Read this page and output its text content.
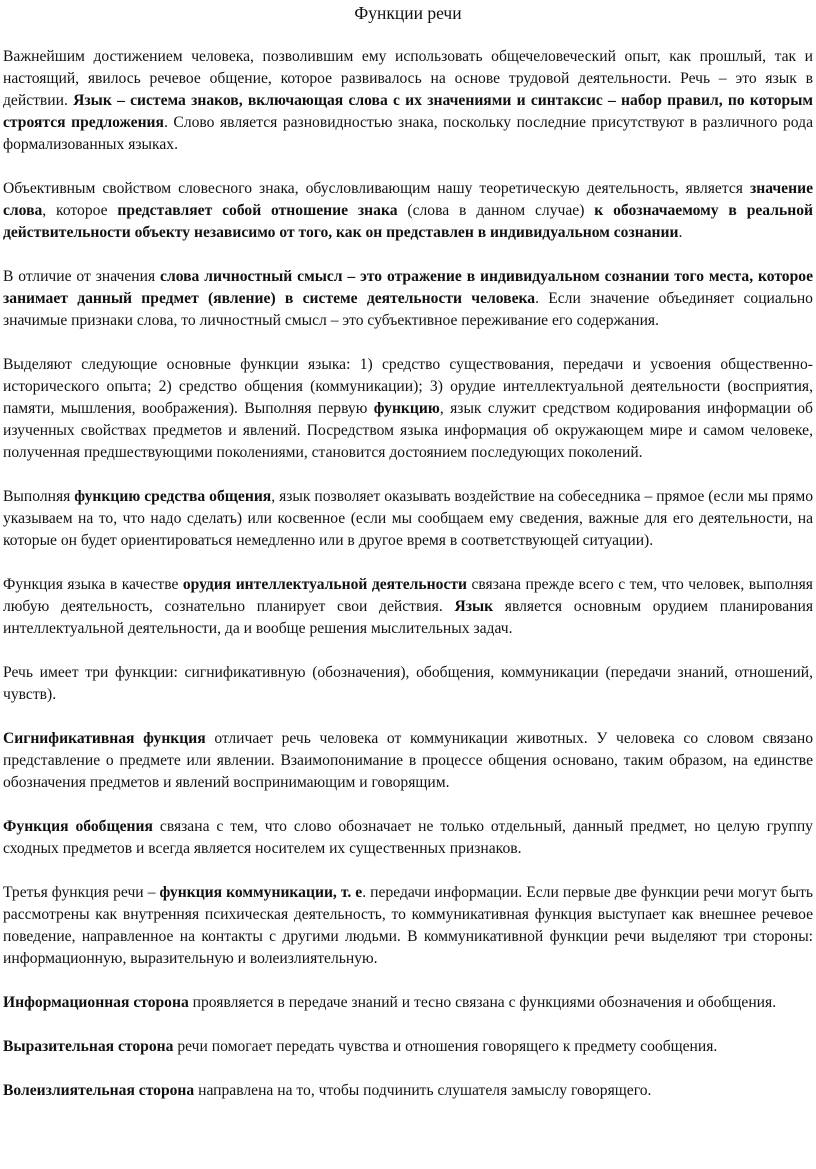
Функции речи

Важнейшим достижением человека, позволившим ему использовать общечеловеческий опыт, как прошлый, так и настоящий, явилось речевое общение, которое развивалось на основе трудовой деятельности. Речь – это язык в действии. Язык – система знаков, включающая слова с их значениями и синтаксис – набор правил, по которым строятся предложения. Слово является разновидностью знака, поскольку последние присутствуют в различного рода формализованных языках.

Объективным свойством словесного знака, обусловливающим нашу теоретическую деятельность, является значение слова, которое представляет собой отношение знака (слова в данном случае) к обозначаемому в реальной действительности объекту независимо от того, как он представлен в индивидуальном сознании.

В отличие от значения слова личностный смысл – это отражение в индивидуальном сознании того места, которое занимает данный предмет (явление) в системе деятельности человека. Если значение объединяет социально значимые признаки слова, то личностный смысл – это субъективное переживание его содержания.

Выделяют следующие основные функции языка: 1) средство существования, передачи и усвоения общественно-исторического опыта; 2) средство общения (коммуникации); 3) орудие интеллектуальной деятельности (восприятия, памяти, мышления, воображения). Выполняя первую функцию, язык служит средством кодирования информации об изученных свойствах предметов и явлений. Посредством языка информация об окружающем мире и самом человеке, полученная предшествующими поколениями, становится достоянием последующих поколений.

Выполняя функцию средства общения, язык позволяет оказывать воздействие на собеседника – прямое (если мы прямо указываем на то, что надо сделать) или косвенное (если мы сообщаем ему сведения, важные для его деятельности, на которые он будет ориентироваться немедленно или в другое время в соответствующей ситуации).

Функция языка в качестве орудия интеллектуальной деятельности связана прежде всего с тем, что человек, выполняя любую деятельность, сознательно планирует свои действия. Язык является основным орудием планирования интеллектуальной деятельности, да и вообще решения мыслительных задач.

Речь имеет три функции: сигнификативную (обозначения), обобщения, коммуникации (передачи знаний, отношений, чувств).

Сигнификативная функция отличает речь человека от коммуникации животных. У человека со словом связано представление о предмете или явлении. Взаимопонимание в процессе общения основано, таким образом, на единстве обозначения предметов и явлений воспринимающим и говорящим.

Функция обобщения связана с тем, что слово обозначает не только отдельный, данный предмет, но целую группу сходных предметов и всегда является носителем их существенных признаков.

Третья функция речи – функция коммуникации, т. е. передачи информации. Если первые две функции речи могут быть рассмотрены как внутренняя психическая деятельность, то коммуникативная функция выступает как внешнее речевое поведение, направленное на контакты с другими людьми. В коммуникативной функции речи выделяют три стороны: информационную, выразительную и волеизлиятельную.

Информационная сторона проявляется в передаче знаний и тесно связана с функциями обозначения и обобщения.

Выразительная сторона речи помогает передать чувства и отношения говорящего к предмету сообщения.

Волеизлиятельная сторона направлена на то, чтобы подчинить слушателя замыслу говорящего.
